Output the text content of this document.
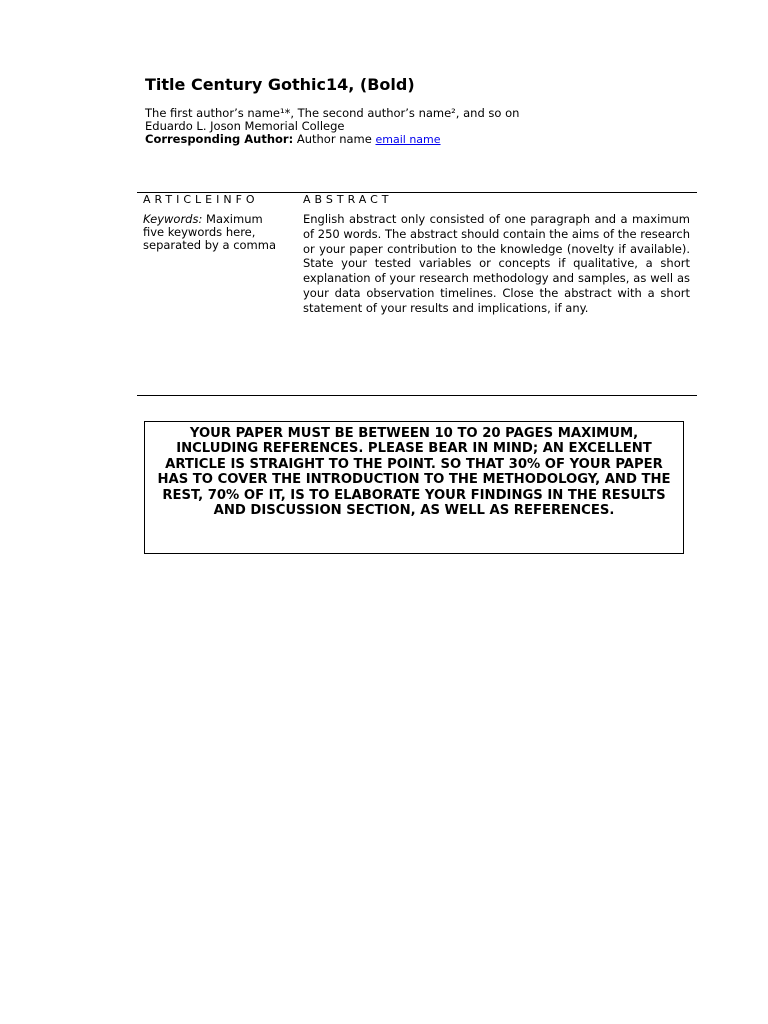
Title Century Gothic14, (Bold)
The first author’s name¹*, The second author’s name², and so on
Eduardo L. Joson Memorial College
Corresponding Author: Author name email name
ARTICLEINFO	ABSTRACT
Keywords: Maximum five keywords here, separated by a comma
English abstract only consisted of one paragraph and a maximum of 250 words. The abstract should contain the aims of the research or your paper contribution to the knowledge (novelty if available). State your tested variables or concepts if qualitative, a short explanation of your research methodology and samples, as well as your data observation timelines. Close the abstract with a short statement of your results and implications, if any.
YOUR PAPER MUST BE BETWEEN 10 TO 20 PAGES MAXIMUM, INCLUDING REFERENCES. PLEASE BEAR IN MIND; AN EXCELLENT ARTICLE IS STRAIGHT TO THE POINT. SO THAT 30% OF YOUR PAPER HAS TO COVER THE INTRODUCTION TO THE METHODOLOGY, AND THE REST, 70% OF IT, IS TO ELABORATE YOUR FINDINGS IN THE RESULTS AND DISCUSSION SECTION, AS WELL AS REFERENCES.
